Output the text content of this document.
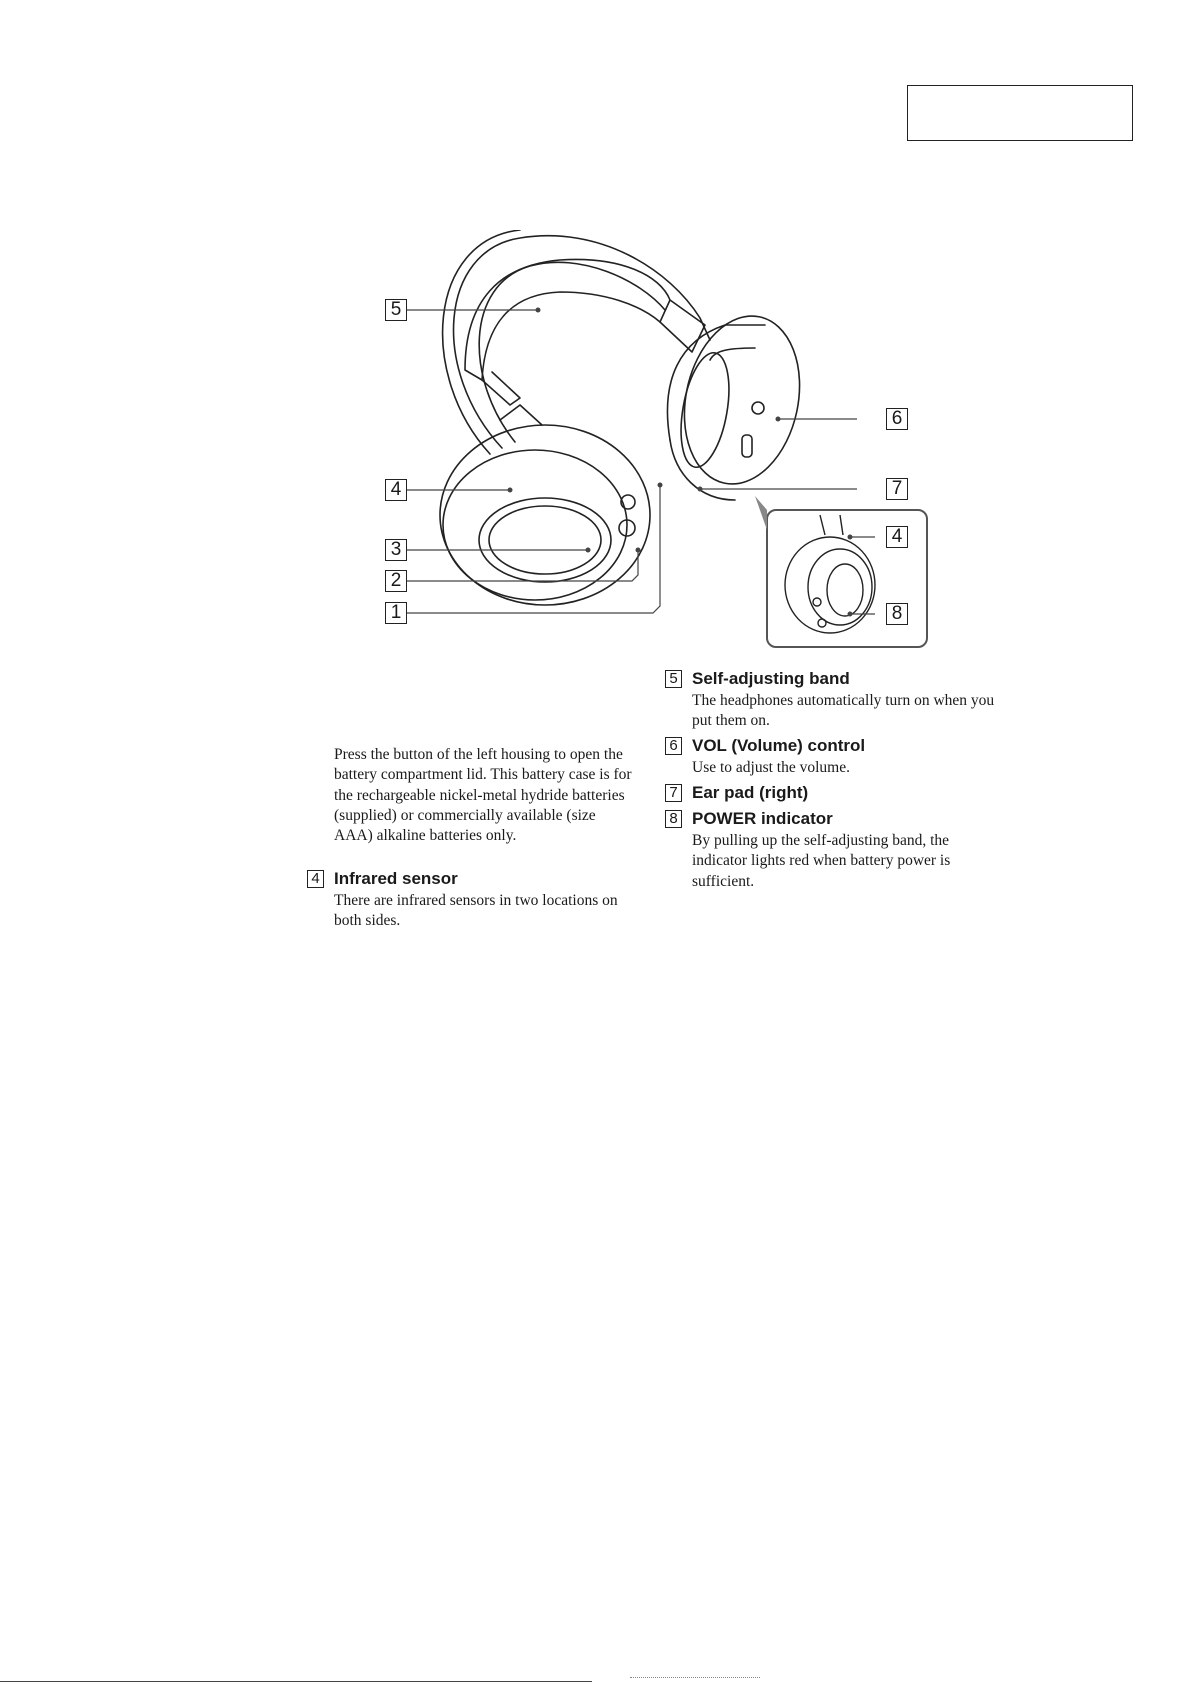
5
4
3
2
1
6
7
4
8
Press the button of the left housing to open the battery compartment lid. This battery case is for the rechargeable nickel-metal hydride batteries (supplied) or commercially available (size AAA) alkaline batteries only.
4 Infrared sensor
There are infrared sensors in two locations on both sides.
5 Self-adjusting band
The headphones automatically turn on when you put them on.
6 VOL (Volume) control
Use to adjust the volume.
7 Ear pad (right)
8 POWER indicator
By pulling up the self-adjusting band, the indicator lights red when battery power is sufficient.
